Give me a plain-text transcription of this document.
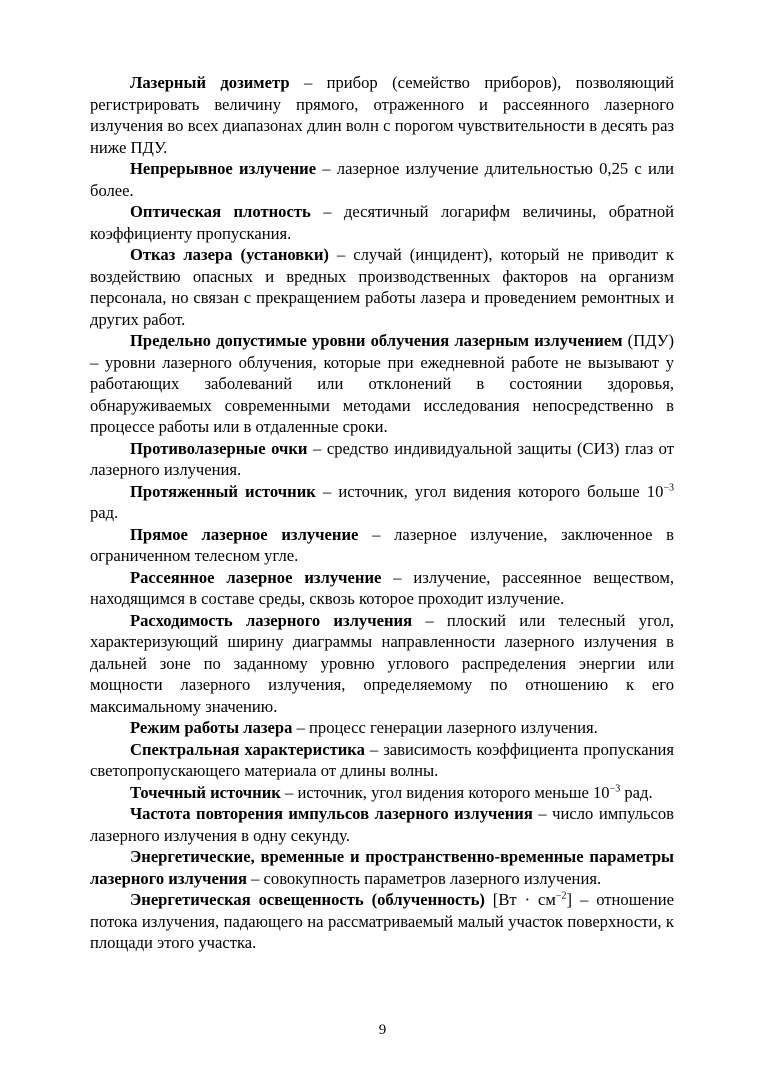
Лазерный дозиметр – прибор (семейство приборов), позволяющий регистрировать величину прямого, отраженного и рассеянного лазерного излучения во всех диапазонах длин волн с порогом чувствительности в десять раз ниже ПДУ.

Непрерывное излучение – лазерное излучение длительностью 0,25 с или более.

Оптическая плотность – десятичный логарифм величины, обратной коэффициенту пропускания.

Отказ лазера (установки) – случай (инцидент), который не приводит к воздействию опасных и вредных производственных факторов на организм персонала, но связан с прекращением работы лазера и проведением ремонтных и других работ.

Предельно допустимые уровни облучения лазерным излучением (ПДУ) – уровни лазерного облучения, которые при ежедневной работе не вызывают у работающих заболеваний или отклонений в состоянии здоровья, обнаруживаемых современными методами исследования непосредственно в процессе работы или в отдаленные сроки.

Противолазерные очки – средство индивидуальной защиты (СИЗ) глаз от лазерного излучения.

Протяженный источник – источник, угол видения которого больше $10^{-3}$ рад.

Прямое лазерное излучение – лазерное излучение, заключенное в ограниченном телесном угле.

Рассеянное лазерное излучение – излучение, рассеянное веществом, находящимся в составе среды, сквозь которое проходит излучение.

Расходимость лазерного излучения – плоский или телесный угол, характеризующий ширину диаграммы направленности лазерного излучения в дальней зоне по заданному уровню углового распределения энергии или мощности лазерного излучения, определяемому по отношению к его максимальному значению.

Режим работы лазера – процесс генерации лазерного излучения.

Спектральная характеристика – зависимость коэффициента пропускания светопропускающего материала от длины волны.

Точечный источник – источник, угол видения которого меньше $10^{-3}$ рад.

Частота повторения импульсов лазерного излучения – число импульсов лазерного излучения в одну секунду.

Энергетические, временные и пространственно-временные параметры лазерного излучения – совокупность параметров лазерного излучения.

Энергетическая освещенность (облученность) $[Вт \cdot см^{-2}]$ – отношение потока излучения, падающего на рассматриваемый малый участок поверхности, к площади этого участка.

9
